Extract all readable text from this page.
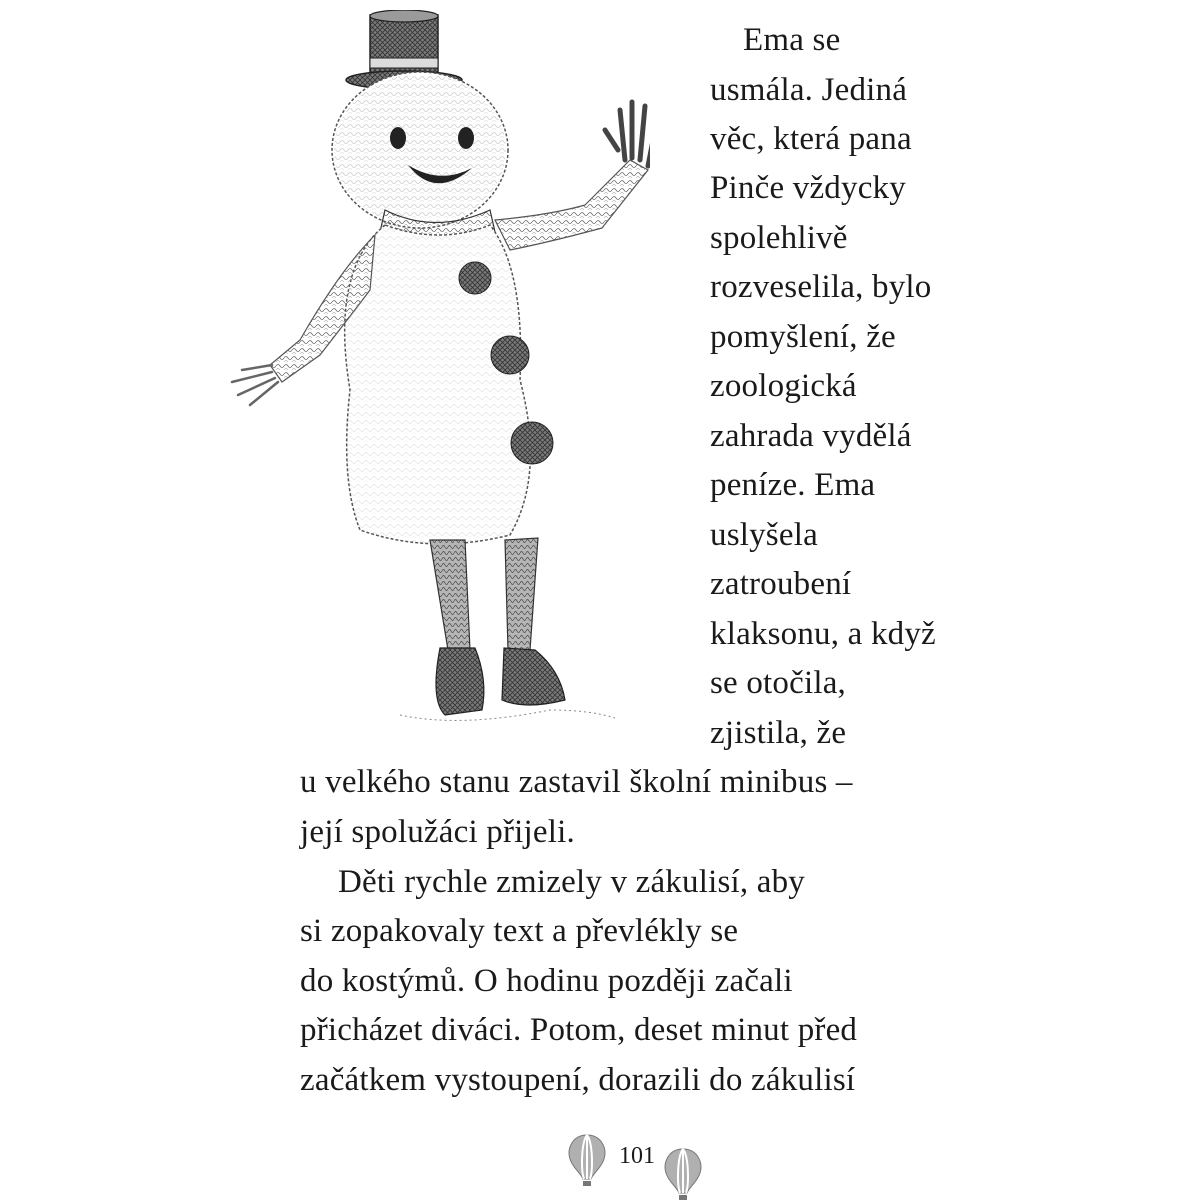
Ema se
usmála. Jediná
věc, která pana
Pinče vždycky
spolehlivě
rozveselila, bylo
pomyšlení, že
zoologická
zahrada vydělá
peníze. Ema
uslyšela
zatroubení
klaksonu, a když
se otočila,
zjistila, že
u velkého stanu zastavil školní minibus –
její spolužáci přijeli.
Děti rychle zmizely v zákulisí, aby
si zopakovaly text a převlékly se
do kostýmů. O hodinu později začali
přicházet diváci. Potom, deset minut před
začátkem vystoupení, dorazili do zákulisí
101
